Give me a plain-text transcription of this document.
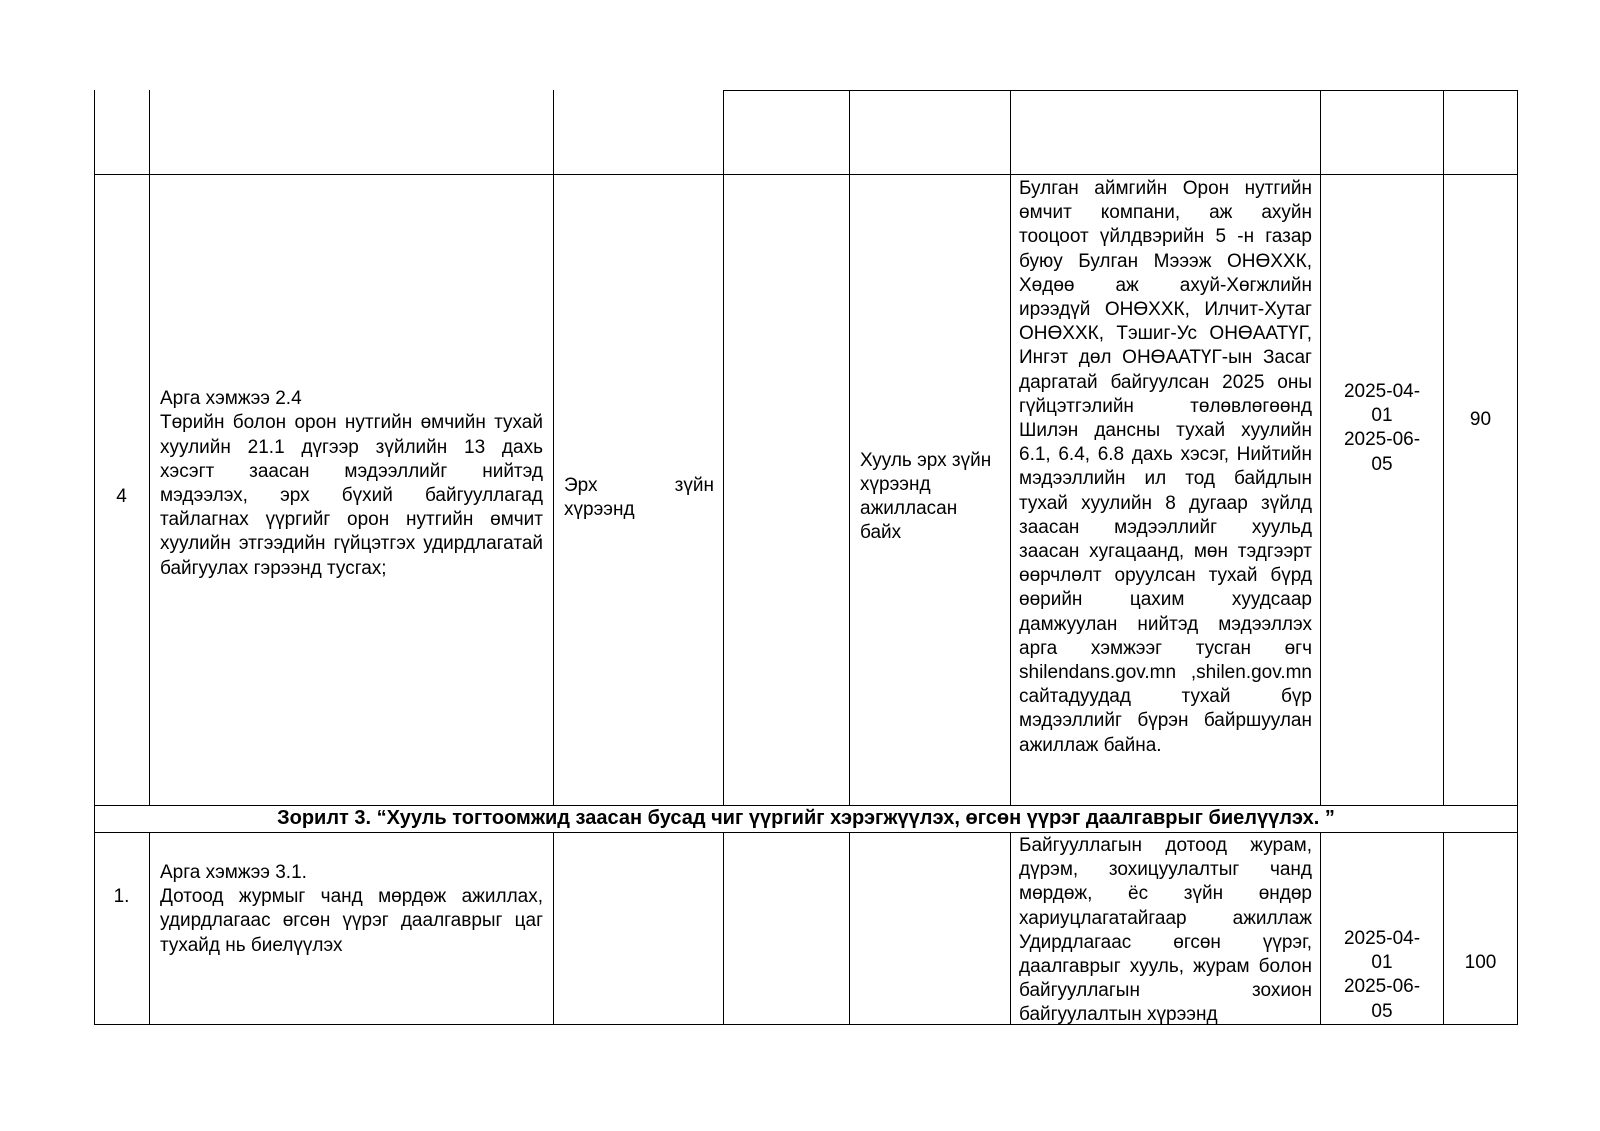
4
Арга хэмжээ 2.4
Төрийн болон орон нутгийн өмчийн тухай хуулийн 21.1 дүгээр зүйлийн 13 дахь хэсэгт заасан мэдээллийг нийтэд мэдээлэх, эрх бүхий байгууллагад тайлагнах үүргийг орон нутгийн өмчит хуулийн этгээдийн гүйцэтгэх удирдлагатай байгуулах гэрээнд тусгах;
Эрх зүйн хүрээнд
Хууль эрх зүйн хүрээнд ажилласан байх
Булган аймгийн Орон нутгийн өмчит компани, аж ахуйн тооцоот үйлдвэрийн 5 -н газар буюу Булган Мэээж ОНӨХХК, Хөдөө аж ахуй-Хөгжлийн ирээдүй ОНӨХХК, Илчит-Хутаг ОНӨХХК, Тэшиг-Ус ОНӨААТҮГ, Ингэт дөл ОНӨААТҮГ-ын Засаг даргатай байгуулсан 2025 оны гүйцэтгэлийн төлөвлөгөөнд Шилэн дансны тухай хуулийн 6.1, 6.4, 6.8 дахь хэсэг, Нийтийн мэдээллийн ил тод байдлын тухай хуулийн 8 дугаар зүйлд заасан мэдээллийг хуульд заасан хугацаанд, мөн тэдгээрт өөрчлөлт оруулсан тухай бүрд өөрийн цахим хуудсаар дамжуулан нийтэд мэдээллэх арга хэмжээг тусган өгч shilendans.gov.mn ,shilen.gov.mn сайтадуудад тухай бүр мэдээллийг бүрэн байршуулан ажиллаж байна.
2025-04-
01
2025-06-
05
90
Зорилт 3. “Хууль тогтоомжид заасан бусад чиг үүргийг хэрэгжүүлэх, өгсөн үүрэг даалгаврыг биелүүлэх. ”
1.
Арга хэмжээ 3.1.
Дотоод журмыг чанд мөрдөж ажиллах, удирдлагаас өгсөн үүрэг даалгаврыг цаг тухайд нь биелүүлэх
Байгууллагын дотоод журам, дүрэм, зохицуулалтыг чанд мөрдөж, ёс зүйн өндөр хариуцлагатайгаар ажиллаж Удирдлагаас өгсөн үүрэг, даалгаврыг хууль, журам болон байгууллагын зохион байгуулалтын хүрээнд
2025-04-
01
2025-06-
05
100
